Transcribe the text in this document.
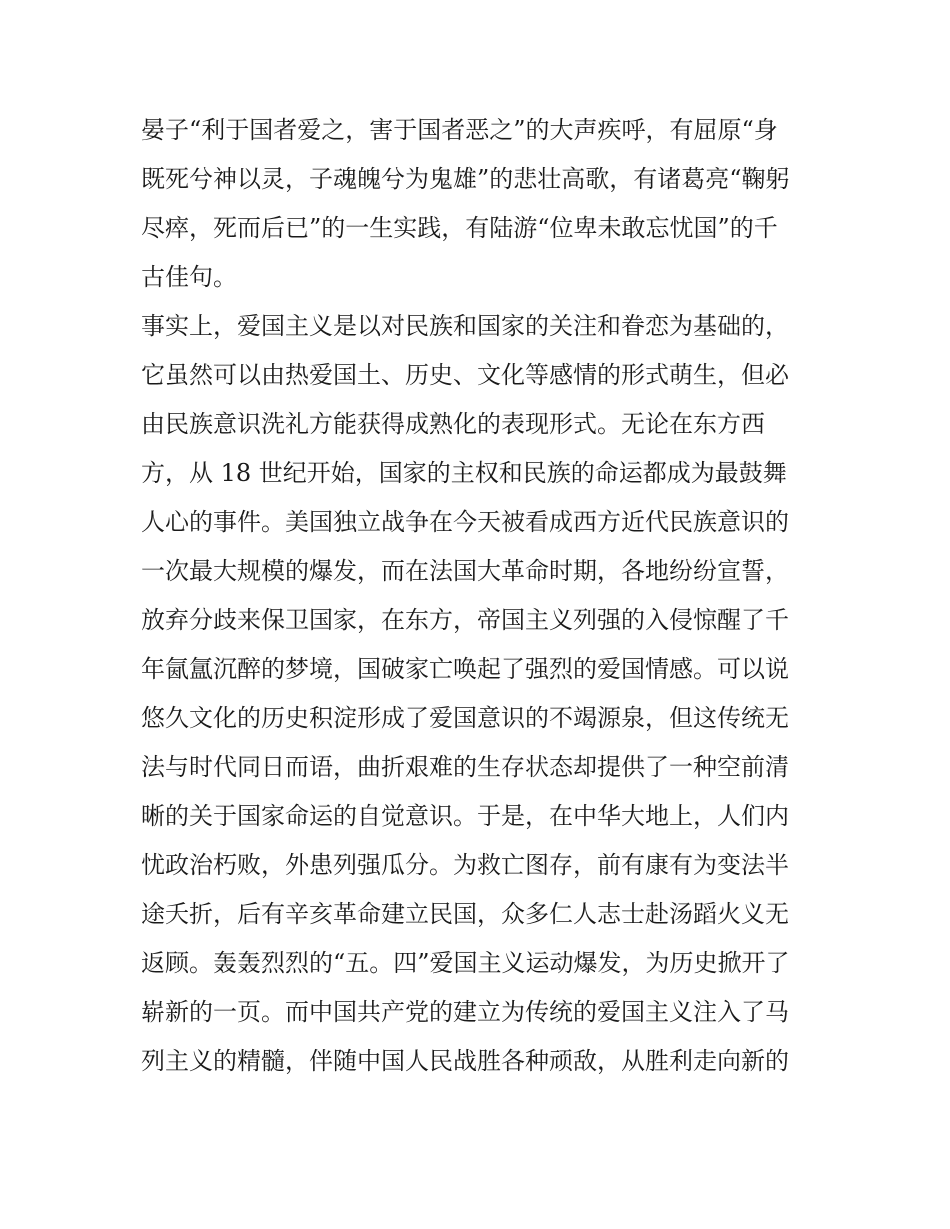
晏子“利于国者爱之，害于国者恶之”的大声疾呼，有屈原“身
既死兮神以灵，子魂魄兮为鬼雄”的悲壮高歌，有诸葛亮“鞠躬
尽瘁，死而后已”的一生实践，有陆游“位卑未敢忘忧国”的千
古佳句。
事实上，爱国主义是以对民族和国家的关注和眷恋为基础的，
它虽然可以由热爱国土、历史、文化等感情的形式萌生，但必
由民族意识洗礼方能获得成熟化的表现形式。无论在东方西
方，从 18 世纪开始，国家的主权和民族的命运都成为最鼓舞
人心的事件。美国独立战争在今天被看成西方近代民族意识的
一次最大规模的爆发，而在法国大革命时期，各地纷纷宣誓，
放弃分歧来保卫国家，在东方，帝国主义列强的入侵惊醒了千
年氤氲沉醉的梦境，国破家亡唤起了强烈的爱国情感。可以说
悠久文化的历史积淀形成了爱国意识的不竭源泉，但这传统无
法与时代同日而语，曲折艰难的生存状态却提供了一种空前清
晰的关于国家命运的自觉意识。于是，在中华大地上，人们内
忧政治朽败，外患列强瓜分。为救亡图存，前有康有为变法半
途夭折，后有辛亥革命建立民国，众多仁人志士赴汤蹈火义无
返顾。轰轰烈烈的“五。四”爱国主义运动爆发，为历史掀开了
崭新的一页。而中国共产党的建立为传统的爱国主义注入了马
列主义的精髓，伴随中国人民战胜各种顽敌，从胜利走向新的
